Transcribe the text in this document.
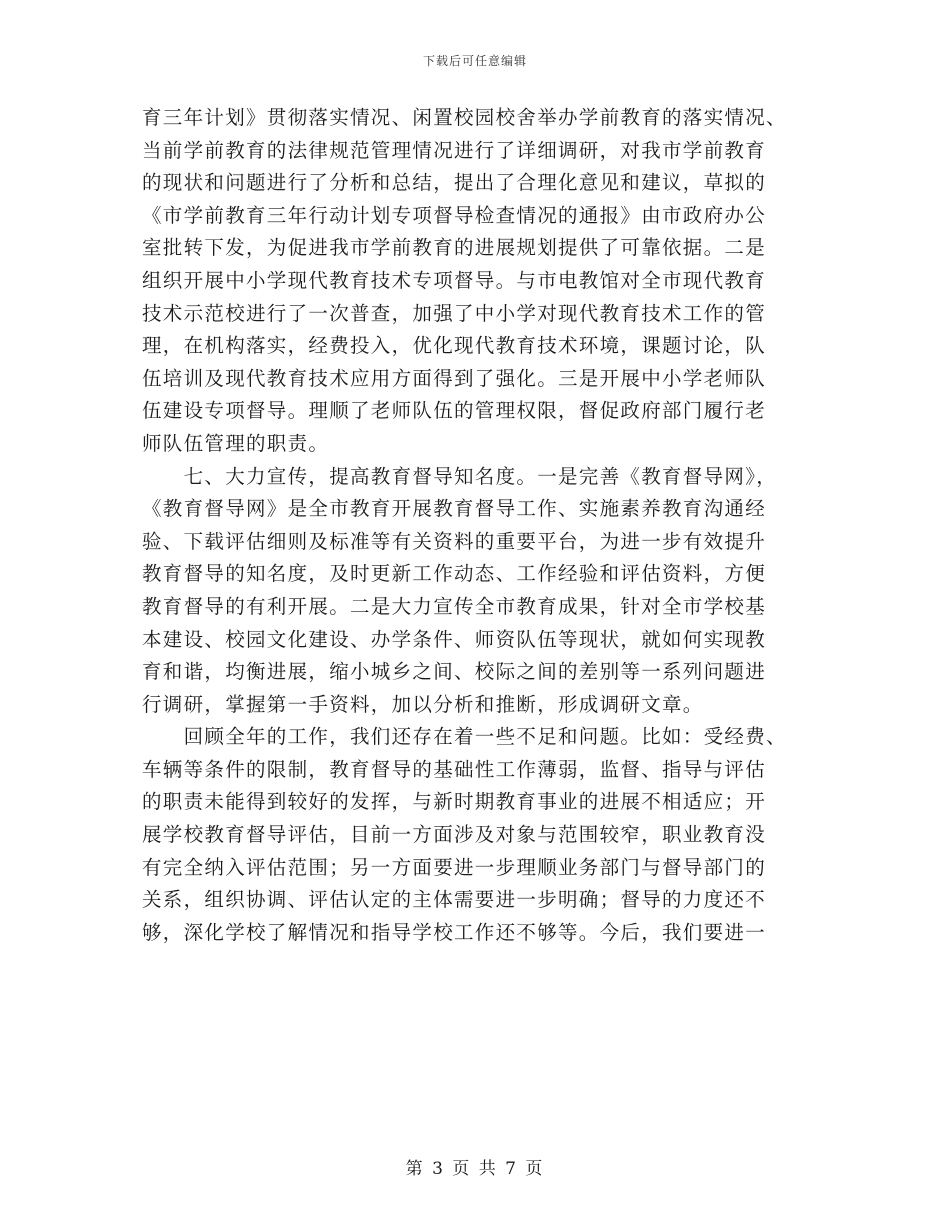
下载后可任意编辑
育三年计划》贯彻落实情况、闲置校园校舍举办学前教育的落实情况、
当前学前教育的法律规范管理情况进行了详细调研，对我市学前教育
的现状和问题进行了分析和总结，提出了合理化意见和建议，草拟的
《市学前教育三年行动计划专项督导检查情况的通报》由市政府办公
室批转下发，为促进我市学前教育的进展规划提供了可靠依据。二是
组织开展中小学现代教育技术专项督导。与市电教馆对全市现代教育
技术示范校进行了一次普查，加强了中小学对现代教育技术工作的管
理，在机构落实，经费投入，优化现代教育技术环境，课题讨论，队
伍培训及现代教育技术应用方面得到了强化。三是开展中小学老师队
伍建设专项督导。理顺了老师队伍的管理权限，督促政府部门履行老
师队伍管理的职责。
　　七、大力宣传，提高教育督导知名度。一是完善《教育督导网》，
《教育督导网》是全市教育开展教育督导工作、实施素养教育沟通经
验、下载评估细则及标准等有关资料的重要平台，为进一步有效提升
教育督导的知名度，及时更新工作动态、工作经验和评估资料，方便
教育督导的有利开展。二是大力宣传全市教育成果，针对全市学校基
本建设、校园文化建设、办学条件、师资队伍等现状，就如何实现教
育和谐，均衡进展，缩小城乡之间、校际之间的差别等一系列问题进
行调研，掌握第一手资料，加以分析和推断，形成调研文章。
　　回顾全年的工作，我们还存在着一些不足和问题。比如：受经费、
车辆等条件的限制，教育督导的基础性工作薄弱，监督、指导与评估
的职责未能得到较好的发挥，与新时期教育事业的进展不相适应；开
展学校教育督导评估，目前一方面涉及对象与范围较窄，职业教育没
有完全纳入评估范围；另一方面要进一步理顺业务部门与督导部门的
关系，组织协调、评估认定的主体需要进一步明确；督导的力度还不
够，深化学校了解情况和指导学校工作还不够等。今后，我们要进一
第 3 页 共 7 页
